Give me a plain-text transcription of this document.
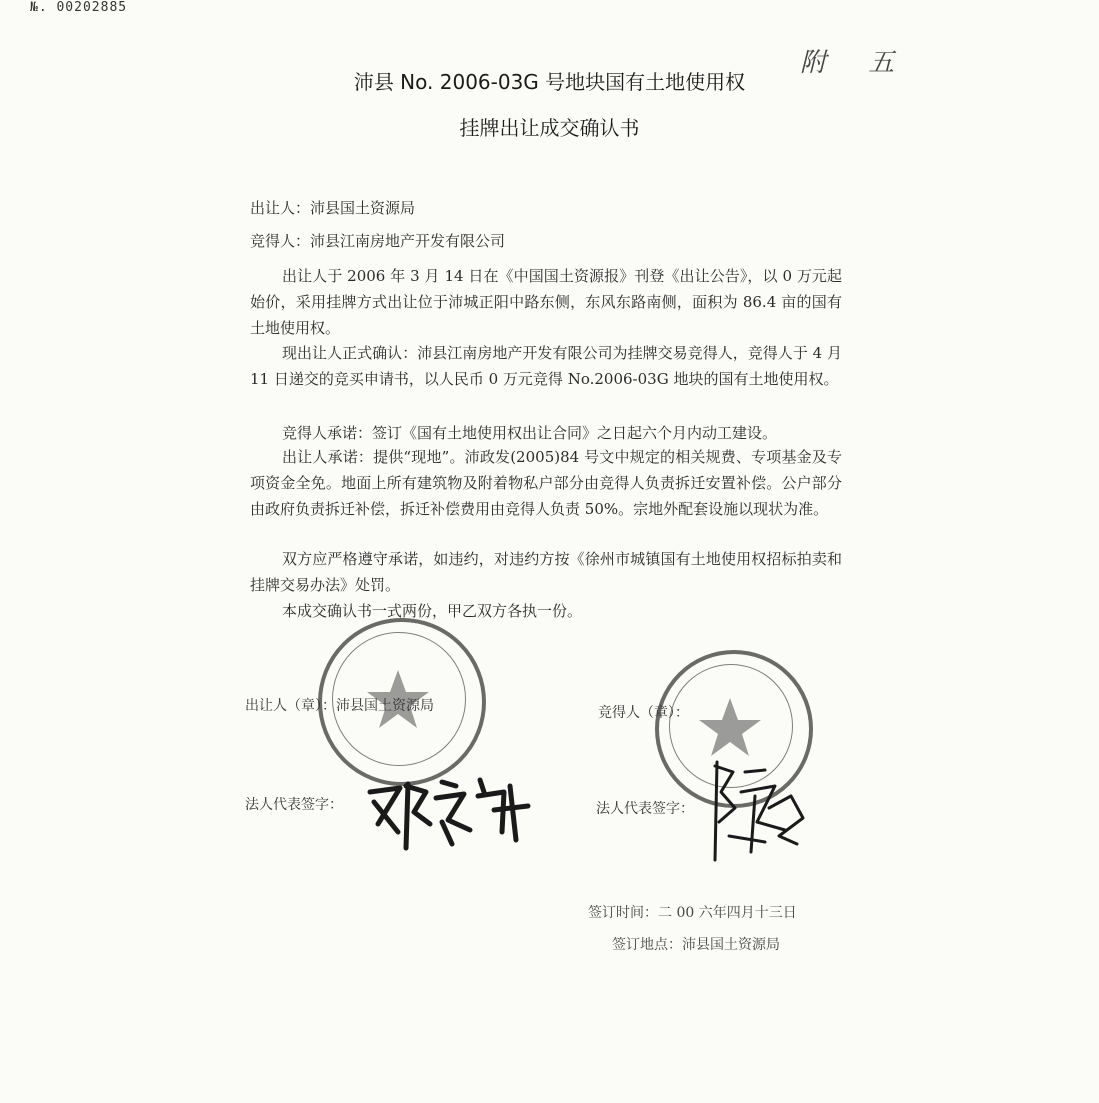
№. 00202885
附 五
沛县 No. 2006-03G 号地块国有土地使用权
挂牌出让成交确认书
出让人：沛县国土资源局
竞得人：沛县江南房地产开发有限公司
出让人于 2006 年 3 月 14 日在《中国国土资源报》刊登《出让公告》，以 0 万元起始价，采用挂牌方式出让位于沛城正阳中路东侧，东风东路南侧，面积为 86.4 亩的国有土地使用权。
现出让人正式确认：沛县江南房地产开发有限公司为挂牌交易竞得人，竞得人于 4 月 11 日递交的竞买申请书，以人民币 0 万元竞得 No.2006-03G 地块的国有土地使用权。
竞得人承诺：签订《国有土地使用权出让合同》之日起六个月内动工建设。
出让人承诺：提供“现地”。沛政发(2005)84 号文中规定的相关规费、专项基金及专项资金全免。地面上所有建筑物及附着物私户部分由竞得人负责拆迁安置补偿。公户部分由政府负责拆迁补偿，拆迁补偿费用由竞得人负责 50%。宗地外配套设施以现状为准。
双方应严格遵守承诺，如违约，对违约方按《徐州市城镇国有土地使用权招标拍卖和挂牌交易办法》处罚。
本成交确认书一式两份，甲乙双方各执一份。
出让人（章）：沛县国土资源局	竞得人（章）：
法人代表签字：	法人代表签字：
签订时间：二 00 六年四月十三日
签订地点：沛县国土资源局
